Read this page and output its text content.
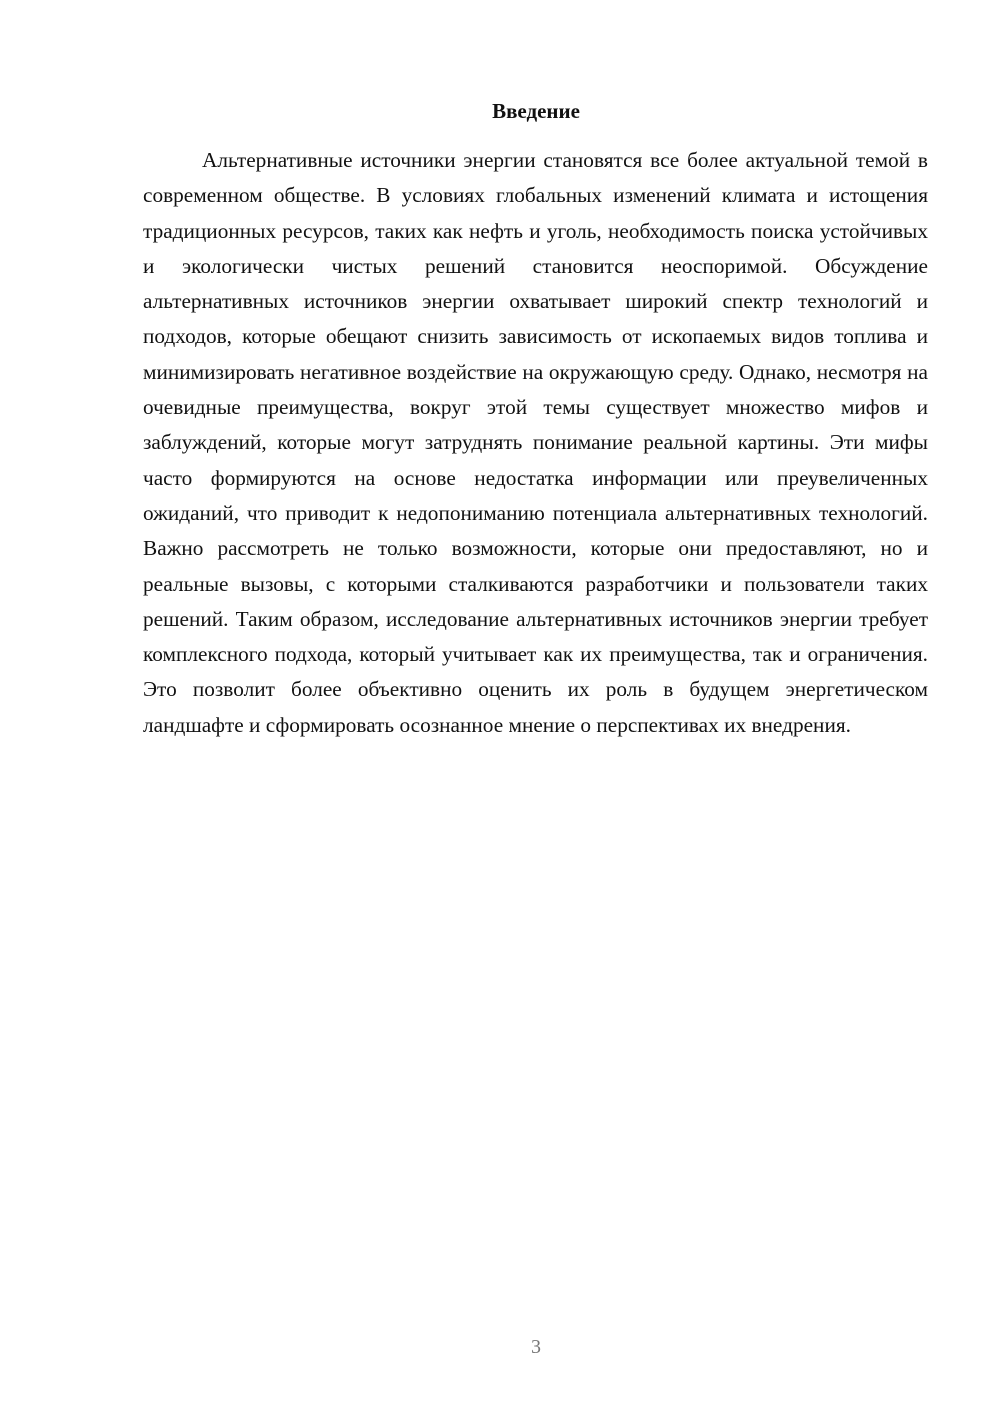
Введение

Альтернативные источники энергии становятся все более актуальной темой в современном обществе. В условиях глобальных изменений климата и истощения традиционных ресурсов, таких как нефть и уголь, необходимость поиска устойчивых и экологически чистых решений становится неоспоримой. Обсуждение альтернативных источников энергии охватывает широкий спектр технологий и подходов, которые обещают снизить зависимость от ископаемых видов топлива и минимизировать негативное воздействие на окружающую среду. Однако, несмотря на очевидные преимущества, вокруг этой темы существует множество мифов и заблуждений, которые могут затруднять понимание реальной картины. Эти мифы часто формируются на основе недостатка информации или преувеличенных ожиданий, что приводит к недопониманию потенциала альтернативных технологий. Важно рассмотреть не только возможности, которые они предоставляют, но и реальные вызовы, с которыми сталкиваются разработчики и пользователи таких решений. Таким образом, исследование альтернативных источников энергии требует комплексного подхода, который учитывает как их преимущества, так и ограничения. Это позволит более объективно оценить их роль в будущем энергетическом ландшафте и сформировать осознанное мнение о перспективах их внедрения.

3
